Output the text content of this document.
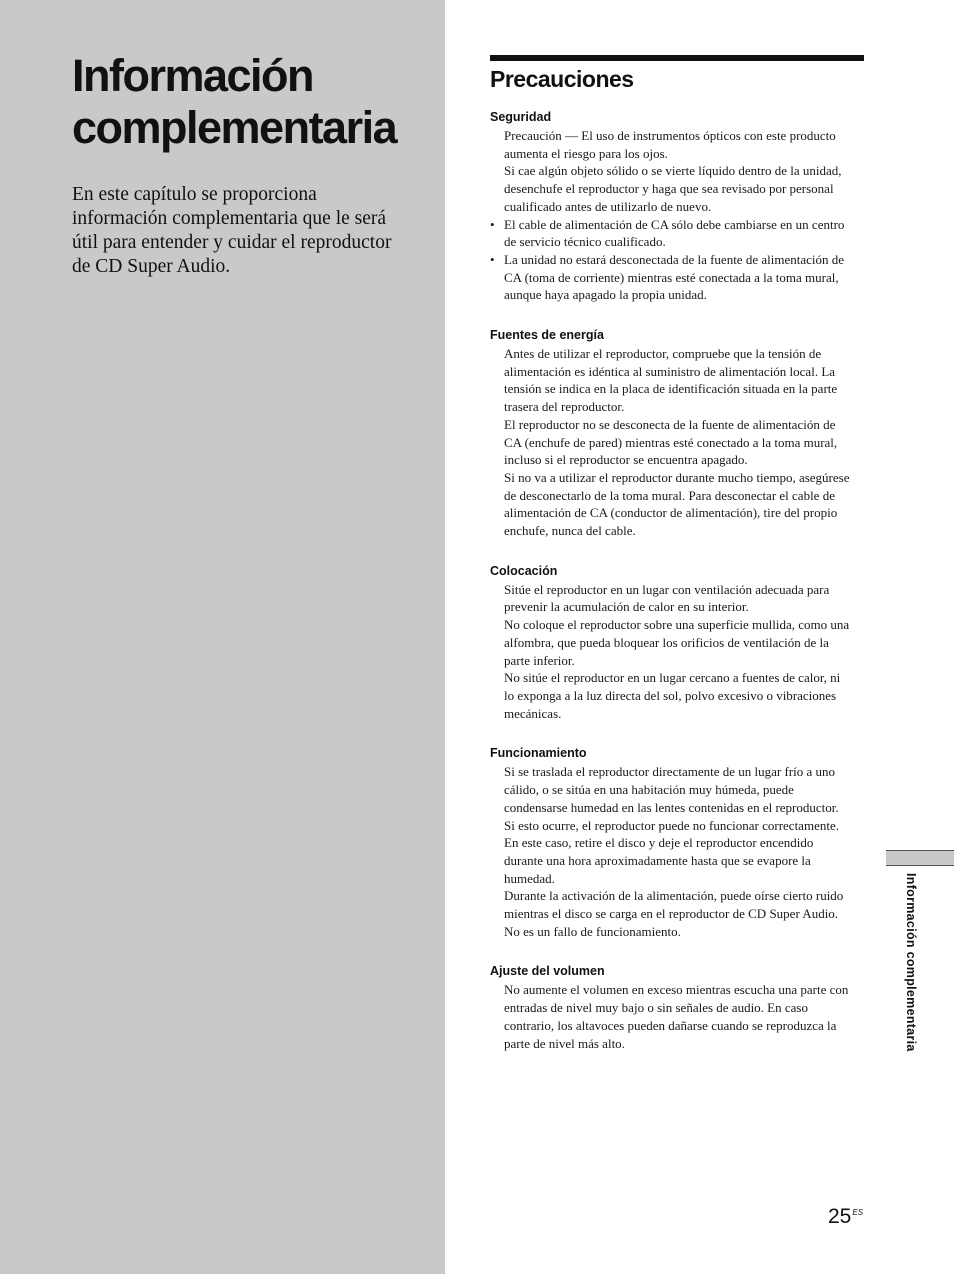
Información complementaria

En este capítulo se proporciona información complementaria que le será útil para entender y cuidar el reproductor de CD Super Audio.

Precauciones
Seguridad

Precaución — El uso de instrumentos ópticos con este producto aumenta el riesgo para los ojos.

Si cae algún objeto sólido o se vierte líquido dentro de la unidad, desenchufe el reproductor y haga que sea revisado por personal cualificado antes de utilizarlo de nuevo.

• El cable de alimentación de CA sólo debe cambiarse en un centro de servicio técnico cualificado.

• La unidad no estará desconectada de la fuente de alimentación de CA (toma de corriente) mientras esté conectada a la toma mural, aunque haya apagado la propia unidad.

Fuentes de energía

Antes de utilizar el reproductor, compruebe que la tensión de alimentación es idéntica al suministro de alimentación local. La tensión se indica en la placa de identificación situada en la parte trasera del reproductor.

El reproductor no se desconecta de la fuente de alimentación de CA (enchufe de pared) mientras esté conectado a la toma mural, incluso si el reproductor se encuentra apagado.

Si no va a utilizar el reproductor durante mucho tiempo, asegúrese de desconectarlo de la toma mural. Para desconectar el cable de alimentación de CA (conductor de alimentación), tire del propio enchufe, nunca del cable.

Colocación

Sitúe el reproductor en un lugar con ventilación adecuada para prevenir la acumulación de calor en su interior.

No coloque el reproductor sobre una superficie mullida, como una alfombra, que pueda bloquear los orificios de ventilación de la parte inferior.

No sitúe el reproductor en un lugar cercano a fuentes de calor, ni lo exponga a la luz directa del sol, polvo excesivo o vibraciones mecánicas.

Funcionamiento

Si se traslada el reproductor directamente de un lugar frío a uno cálido, o se sitúa en una habitación muy húmeda, puede condensarse humedad en las lentes contenidas en el reproductor. Si esto ocurre, el reproductor puede no funcionar correctamente. En este caso, retire el disco y deje el reproductor encendido durante una hora aproximadamente hasta que se evapore la humedad.

Durante la activación de la alimentación, puede oírse cierto ruido mientras el disco se carga en el reproductor de CD Super Audio. No es un fallo de funcionamiento.

Ajuste del volumen

No aumente el volumen en exceso mientras escucha una parte con entradas de nivel muy bajo o sin señales de audio. En caso contrario, los altavoces pueden dañarse cuando se reproduzca la parte de nivel más alto.	Información complementaria
$25^{ES}$
